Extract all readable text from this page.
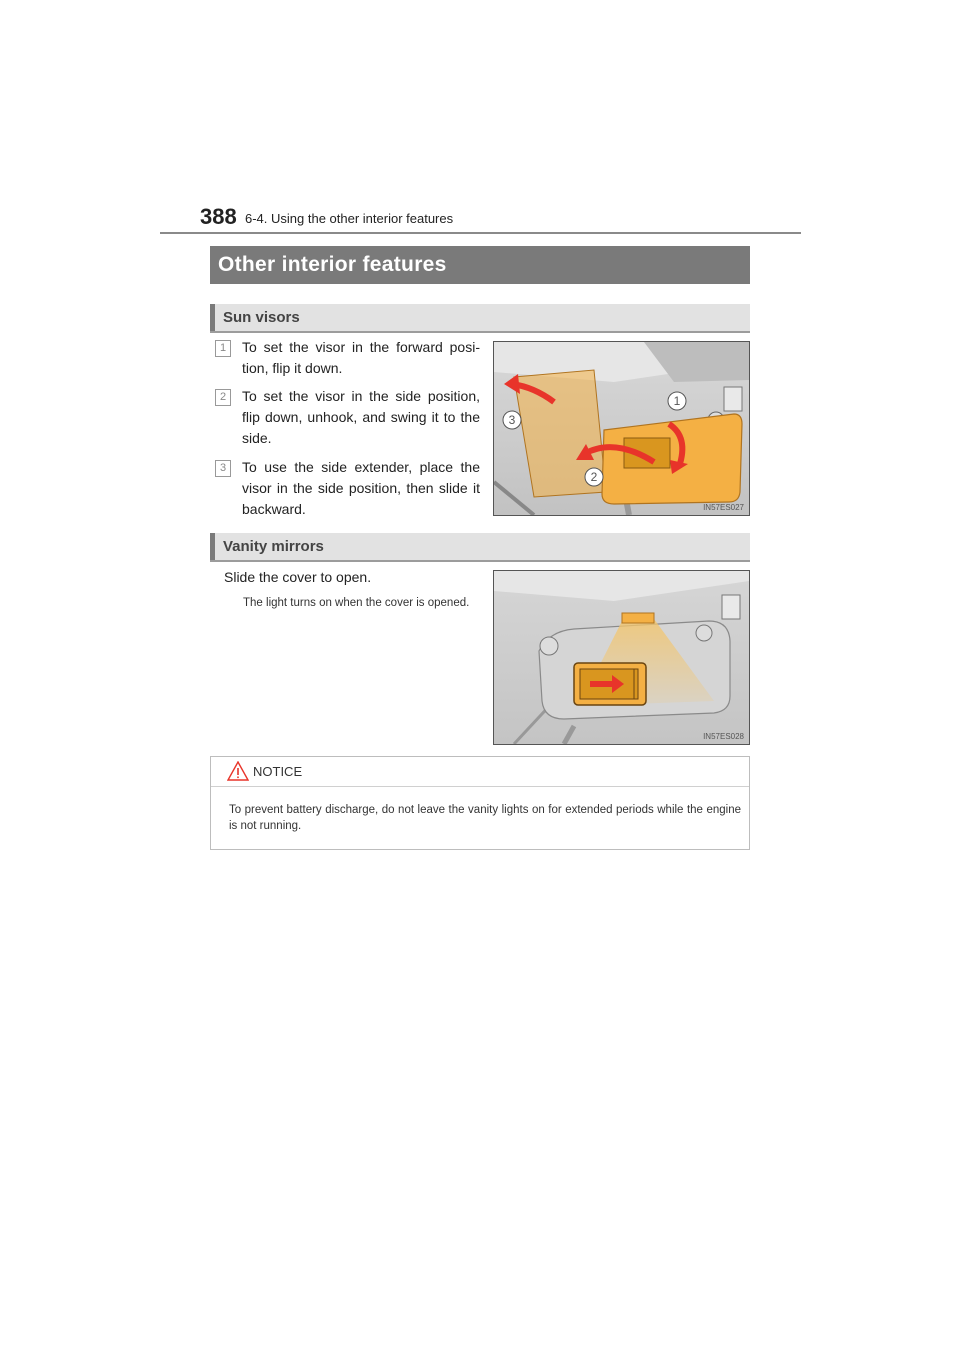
388 6-4. Using the other interior features
Other interior features
Sun visors
1	To set the visor in the forward posi-tion, flip it down.
2	To set the visor in the side position, flip down, unhook, and swing it to the side.
3	To use the side extender, place the visor in the side position, then slide it backward.
1
2
3
IN57ES027
Vanity mirrors
Slide the cover to open.
The light turns on when the cover is opened.
IN57ES028
NOTICE
To prevent battery discharge, do not leave the vanity lights on for extended periods while the engine is not running.
